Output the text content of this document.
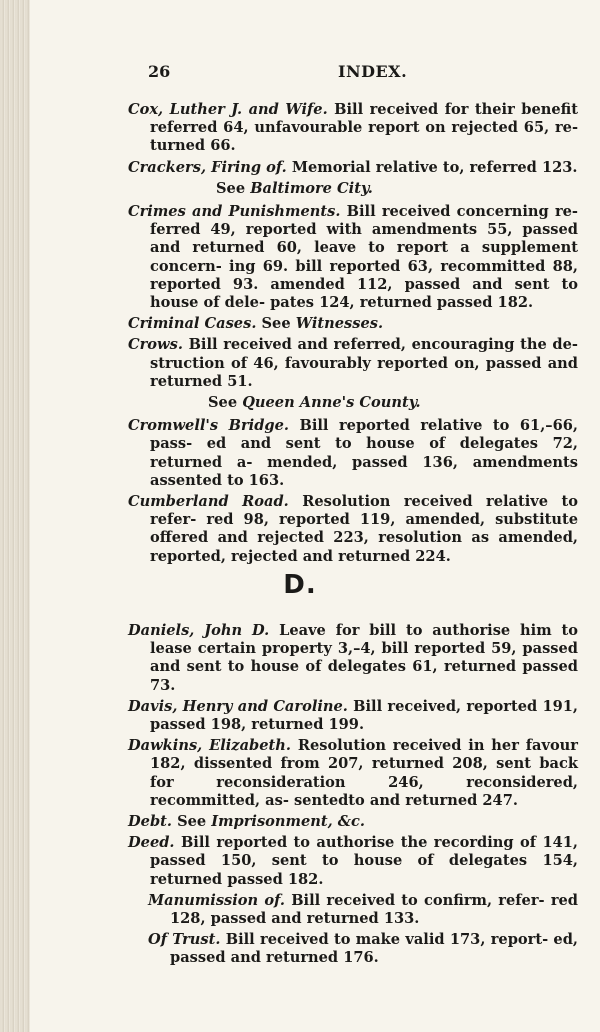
26	INDEX.

Cox, Luther J. and Wife. Bill received for their benefit referred 64, unfavourable report on rejected 65, re- turned 66.

Crackers, Firing of. Memorial relative to, referred 123.

See Baltimore City.

Crimes and Punishments. Bill received concerning re- ferred 49, reported with amendments 55, passed and returned 60, leave to report a supplement concern- ing 69. bill reported 63, recommitted 88, reported 93. amended 112, passed and sent to house of dele- pates 124, returned passed 182.

Criminal Cases. See Witnesses.

Crows. Bill received and referred, encouraging the de- struction of 46, favourably reported on, passed and returned 51.

See Queen Anne's County.

Cromwell's Bridge. Bill reported relative to 61,–66, pass- ed and sent to house of delegates 72, returned a- mended, passed 136, amendments assented to 163.

Cumberland Road. Resolution received relative to refer- red 98, reported 119, amended, substitute offered and rejected 223, resolution as amended, reported, rejected and returned 224.

D.

Daniels, John D. Leave for bill to authorise him to lease certain property 3,–4, bill reported 59, passed and sent to house of delegates 61, returned passed 73.

Davis, Henry and Caroline. Bill received, reported 191, passed 198, returned 199.

Dawkins, Elizabeth. Resolution received in her favour 182, dissented from 207, returned 208, sent back for reconsideration 246, reconsidered, recommitted, as- sentedto and returned 247.

Debt. See Imprisonment, &c.

Deed. Bill reported to authorise the recording of 141, passed 150, sent to house of delegates 154, returned passed 182.

Manumission of. Bill received to confirm, refer- red 128, passed and returned 133.

Of Trust. Bill received to make valid 173, report- ed, passed and returned 176.
